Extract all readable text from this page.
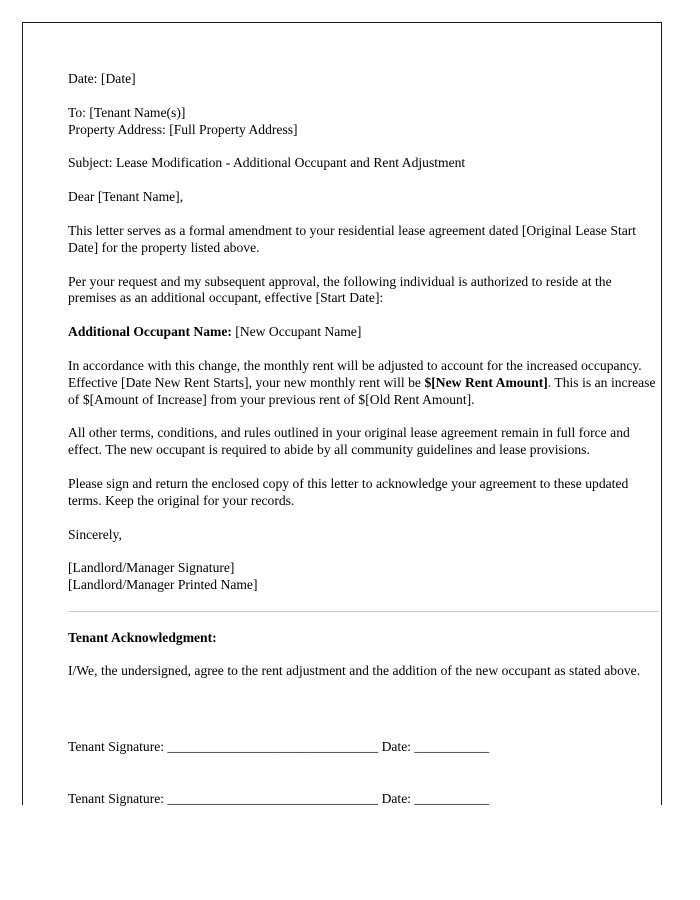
Date: [Date]

To: [Tenant Name(s)]
Property Address: [Full Property Address]

Subject: Lease Modification - Additional Occupant and Rent Adjustment

Dear [Tenant Name],

This letter serves as a formal amendment to your residential lease agreement dated [Original Lease Start Date] for the property listed above.

Per your request and my subsequent approval, the following individual is authorized to reside at the premises as an additional occupant, effective [Start Date]:

Additional Occupant Name: [New Occupant Name]

In accordance with this change, the monthly rent will be adjusted to account for the increased occupancy. Effective [Date New Rent Starts], your new monthly rent will be $[New Rent Amount]. This is an increase of $[Amount of Increase] from your previous rent of $[Old Rent Amount].

All other terms, conditions, and rules outlined in your original lease agreement remain in full force and effect. The new occupant is required to abide by all community guidelines and lease provisions.

Please sign and return the enclosed copy of this letter to acknowledge your agreement to these updated terms. Keep the original for your records.

Sincerely,

[Landlord/Manager Signature]
[Landlord/Manager Printed Name]

Tenant Acknowledgment:

I/We, the undersigned, agree to the rent adjustment and the addition of the new occupant as stated above.

Tenant Signature: _______________________________ Date: ___________

Tenant Signature: _______________________________ Date: ___________
